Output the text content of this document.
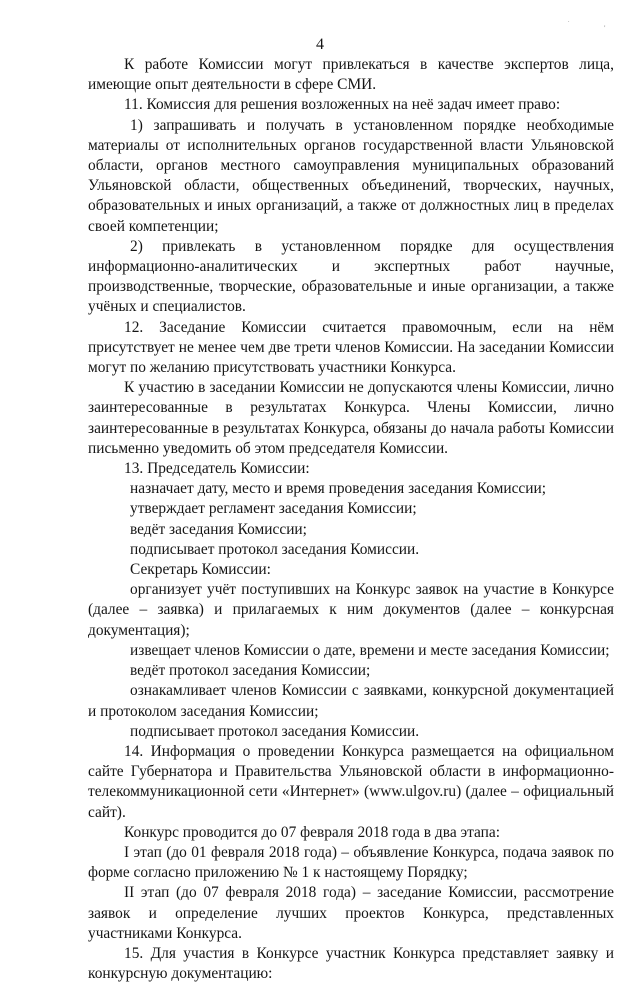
.
,
4

К работе Комиссии могут привлекаться в качестве экспертов лица, имеющие опыт деятельности в сфере СМИ.

11. Комиссия для решения возложенных на неё задач имеет право:

1) запрашивать и получать в установленном порядке необходимые материалы от исполнительных органов государственной власти Ульяновской области, органов местного самоуправления муниципальных образований Ульяновской области, общественных объединений, творческих, научных, образовательных и иных организаций, а также от должностных лиц в пределах своей компетенции;

2) привлекать в установленном порядке для осуществления информационно-аналитических и экспертных работ научные, производственные, творческие, образовательные и иные организации, а также учёных и специалистов.

12. Заседание Комиссии считается правомочным, если на нём присутствует не менее чем две трети членов Комиссии. На заседании Комиссии могут по желанию присутствовать участники Конкурса.

К участию в заседании Комиссии не допускаются члены Комиссии, лично заинтересованные в результатах Конкурса. Члены Комиссии, лично заинтересованные в результатах Конкурса, обязаны до начала работы Комиссии письменно уведомить об этом председателя Комиссии.

13. Председатель Комиссии:

назначает дату, место и время проведения заседания Комиссии;

утверждает регламент заседания Комиссии;

ведёт заседания Комиссии;

подписывает протокол заседания Комиссии.

Секретарь Комиссии:

организует учёт поступивших на Конкурс заявок на участие в Конкурсе (далее – заявка) и прилагаемых к ним документов (далее – конкурсная документация);

извещает членов Комиссии о дате, времени и месте заседания Комиссии;

ведёт протокол заседания Комиссии;

ознакамливает членов Комиссии с заявками, конкурсной документацией и протоколом заседания Комиссии;

подписывает протокол заседания Комиссии.

14. Информация о проведении Конкурса размещается на официальном сайте Губернатора и Правительства Ульяновской области в информационно-телекоммуникационной сети «Интернет» (www.ulgov.ru) (далее – официальный сайт).

Конкурс проводится до 07 февраля 2018 года в два этапа:

I этап (до 01 февраля 2018 года) – объявление Конкурса, подача заявок по форме согласно приложению № 1 к настоящему Порядку;

II этап (до 07 февраля 2018 года) – заседание Комиссии, рассмотрение заявок и определение лучших проектов Конкурса, представленных участниками Конкурса.

15. Для участия в Конкурсе участник Конкурса представляет заявку и конкурсную документацию:
